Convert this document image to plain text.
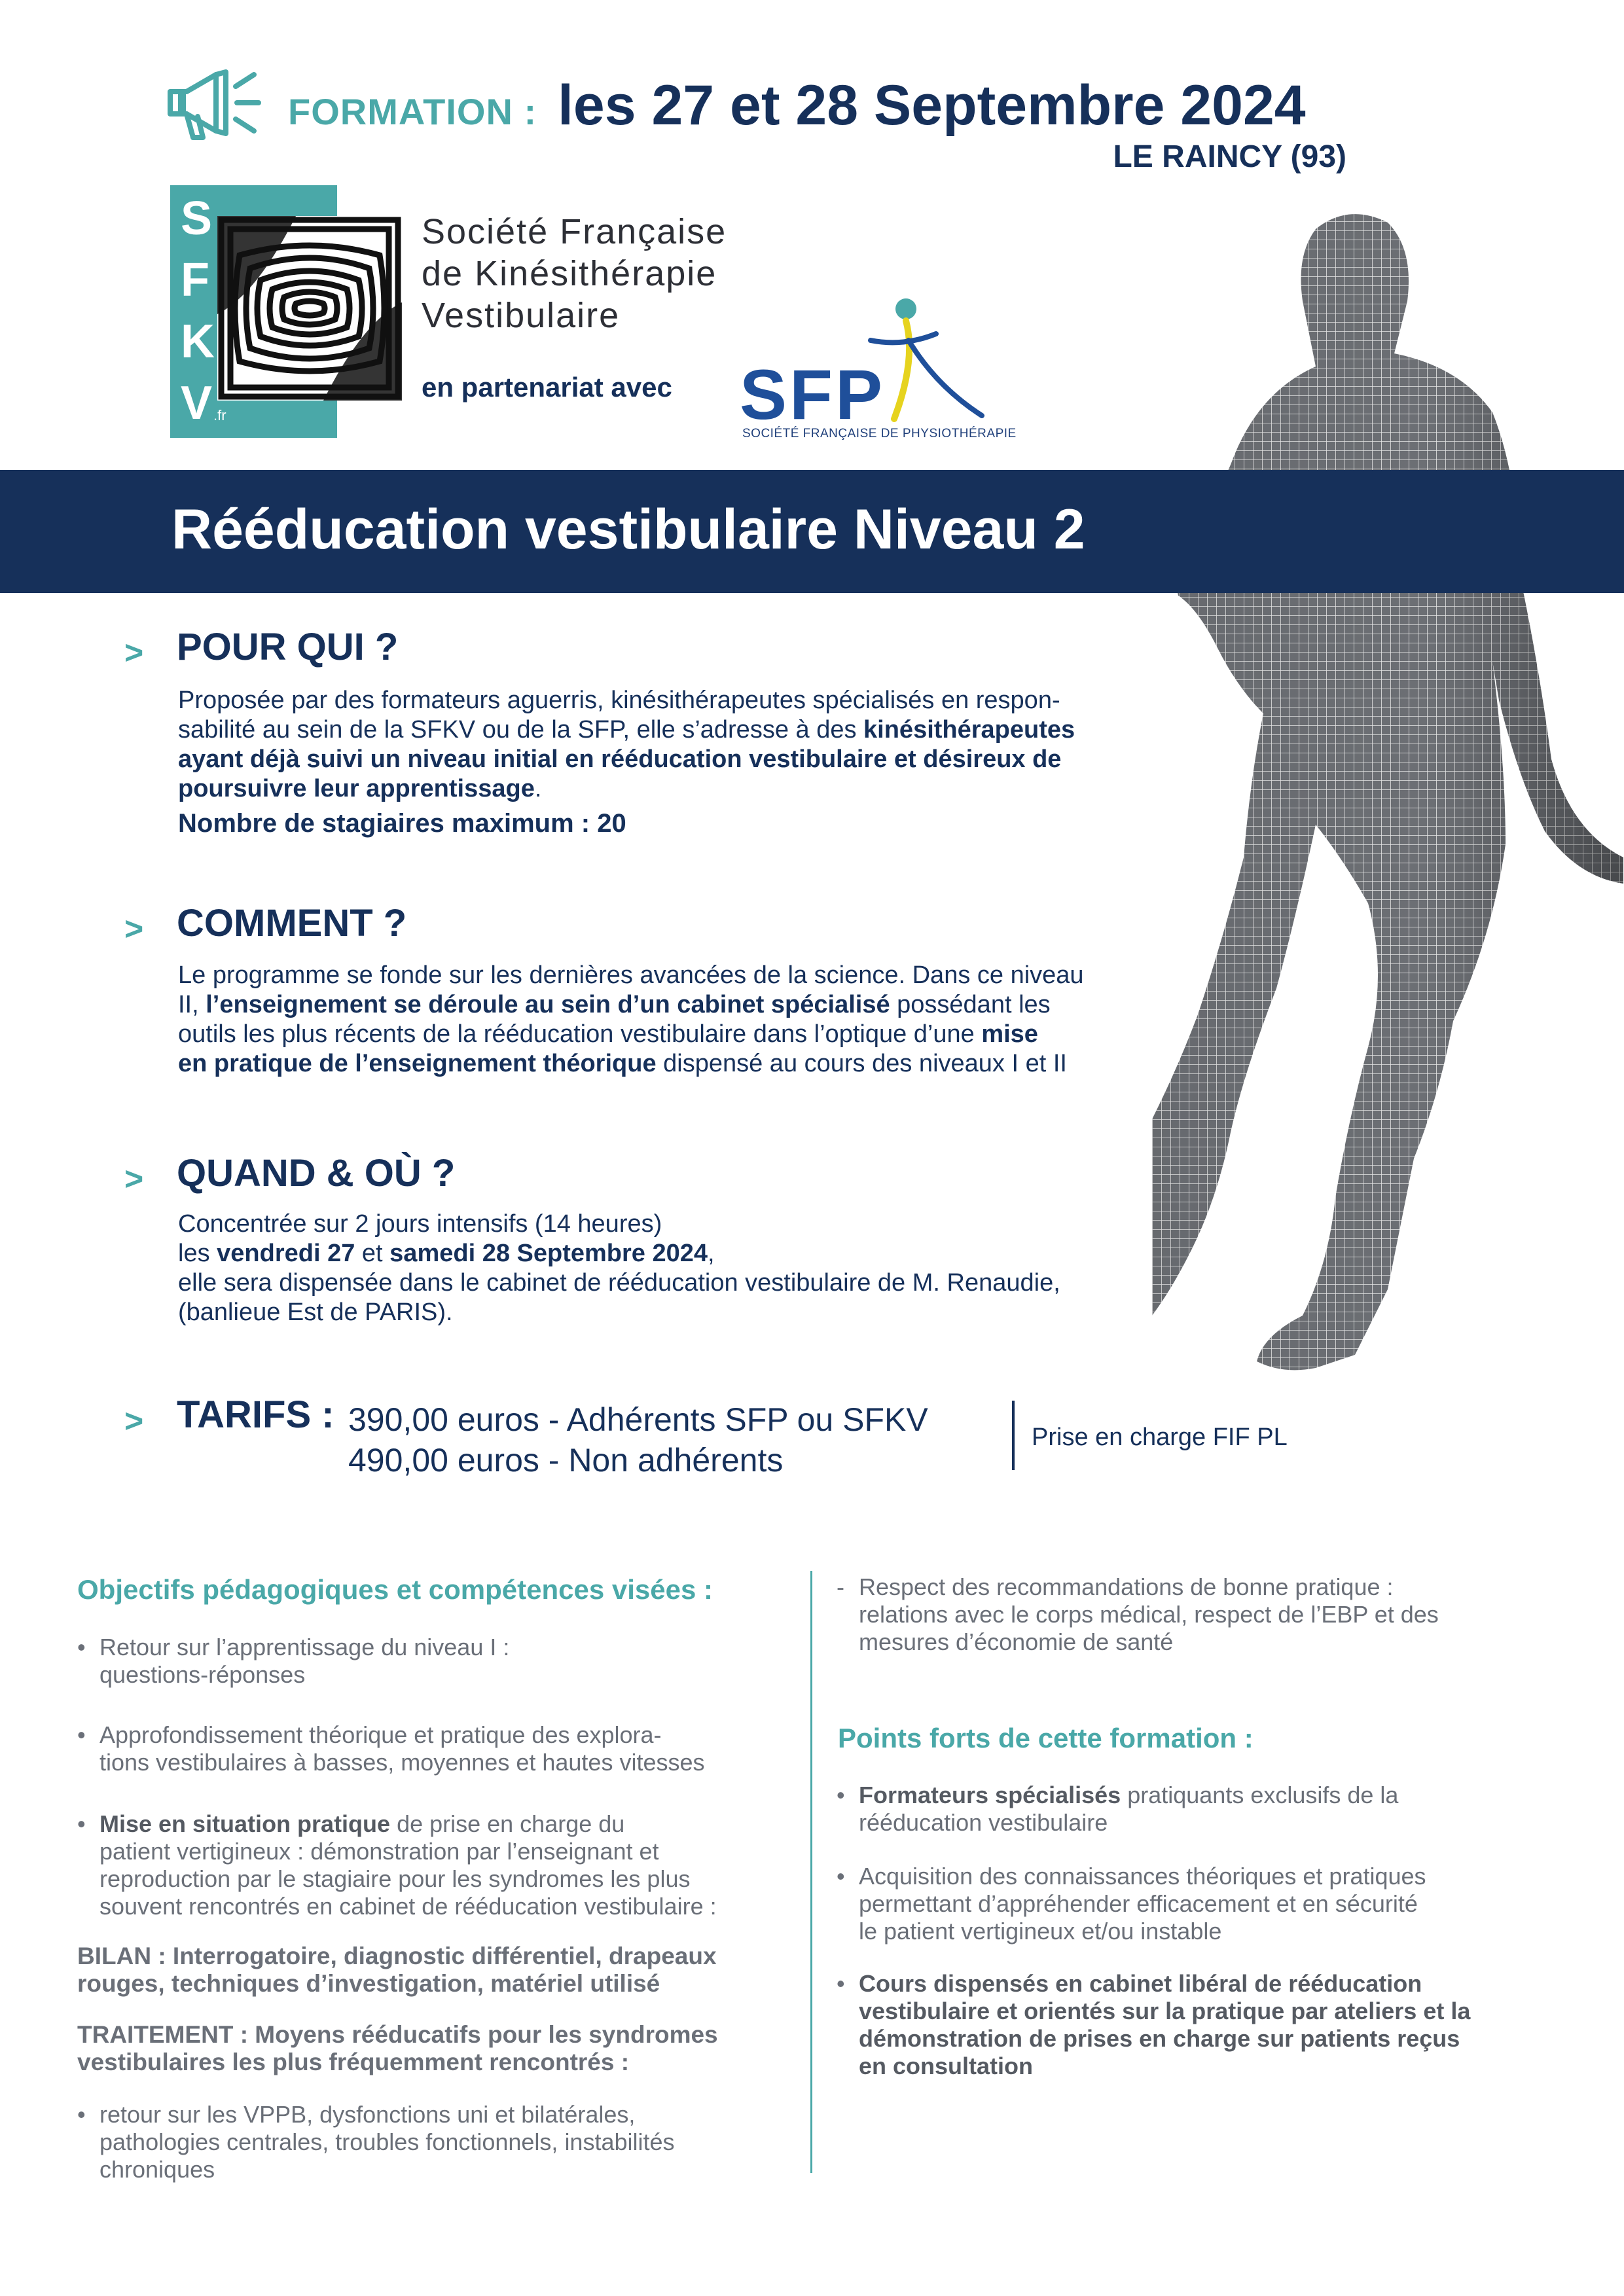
FORMATION : les 27 et 28 Septembre 2024
LE RAINCY (93)
S
F
K
V .fr
Société Française
de Kinésithérapie
Vestibulaire
en partenariat avec SFP
SOCIÉTÉ FRANÇAISE DE PHYSIOTHÉRAPIE
Rééducation vestibulaire Niveau 2
> POUR QUI ?
Proposée par des formateurs aguerris, kinésithérapeutes spécialisés en respon-
sabilité au sein de la SFKV ou de la SFP, elle s’adresse à des kinésithérapeutes
ayant déjà suivi un niveau initial en rééducation vestibulaire et désireux de
poursuivre leur apprentissage.
Nombre de stagiaires maximum : 20
> COMMENT ?
Le programme se fonde sur les dernières avancées de la science. Dans ce niveau
II, l’enseignement se déroule au sein d’un cabinet spécialisé possédant les
outils les plus récents de la rééducation vestibulaire dans l’optique d’une mise
en pratique de l’enseignement théorique dispensé au cours des niveaux I et II
> QUAND & OÙ ?
Concentrée sur 2 jours intensifs (14 heures)
les vendredi 27 et samedi 28 Septembre 2024,
elle sera dispensée dans le cabinet de rééducation vestibulaire de M. Renaudie,
(banlieue Est de PARIS).
> TARIFS : 390,00 euros - Adhérents SFP ou SFKV
490,00 euros - Non adhérents
Prise en charge FIF PL
Objectifs pédagogiques et compétences visées :
• Retour sur l’apprentissage du niveau I :
questions-réponses
• Approfondissement théorique et pratique des explora-
tions vestibulaires à basses, moyennes et hautes vitesses
• Mise en situation pratique de prise en charge du
patient vertigineux : démonstration par l’enseignant et
reproduction par le stagiaire pour les syndromes les plus
souvent rencontrés en cabinet de rééducation vestibulaire :
BILAN : Interrogatoire, diagnostic différentiel, drapeaux
rouges, techniques d’investigation, matériel utilisé
TRAITEMENT : Moyens rééducatifs pour les syndromes
vestibulaires les plus fréquemment rencontrés :
• retour sur les VPPB, dysfonctions uni et bilatérales,
pathologies centrales, troubles fonctionnels, instabilités
chroniques
- Respect des recommandations de bonne pratique :
relations avec le corps médical, respect de l’EBP et des
mesures d’économie de santé
Points forts de cette formation :
• Formateurs spécialisés pratiquants exclusifs de la
rééducation vestibulaire
• Acquisition des connaissances théoriques et pratiques
permettant d’appréhender efficacement et en sécurité
le patient vertigineux et/ou instable
• Cours dispensés en cabinet libéral de rééducation
vestibulaire et orientés sur la pratique par ateliers et la
démonstration de prises en charge sur patients reçus
en consultation
